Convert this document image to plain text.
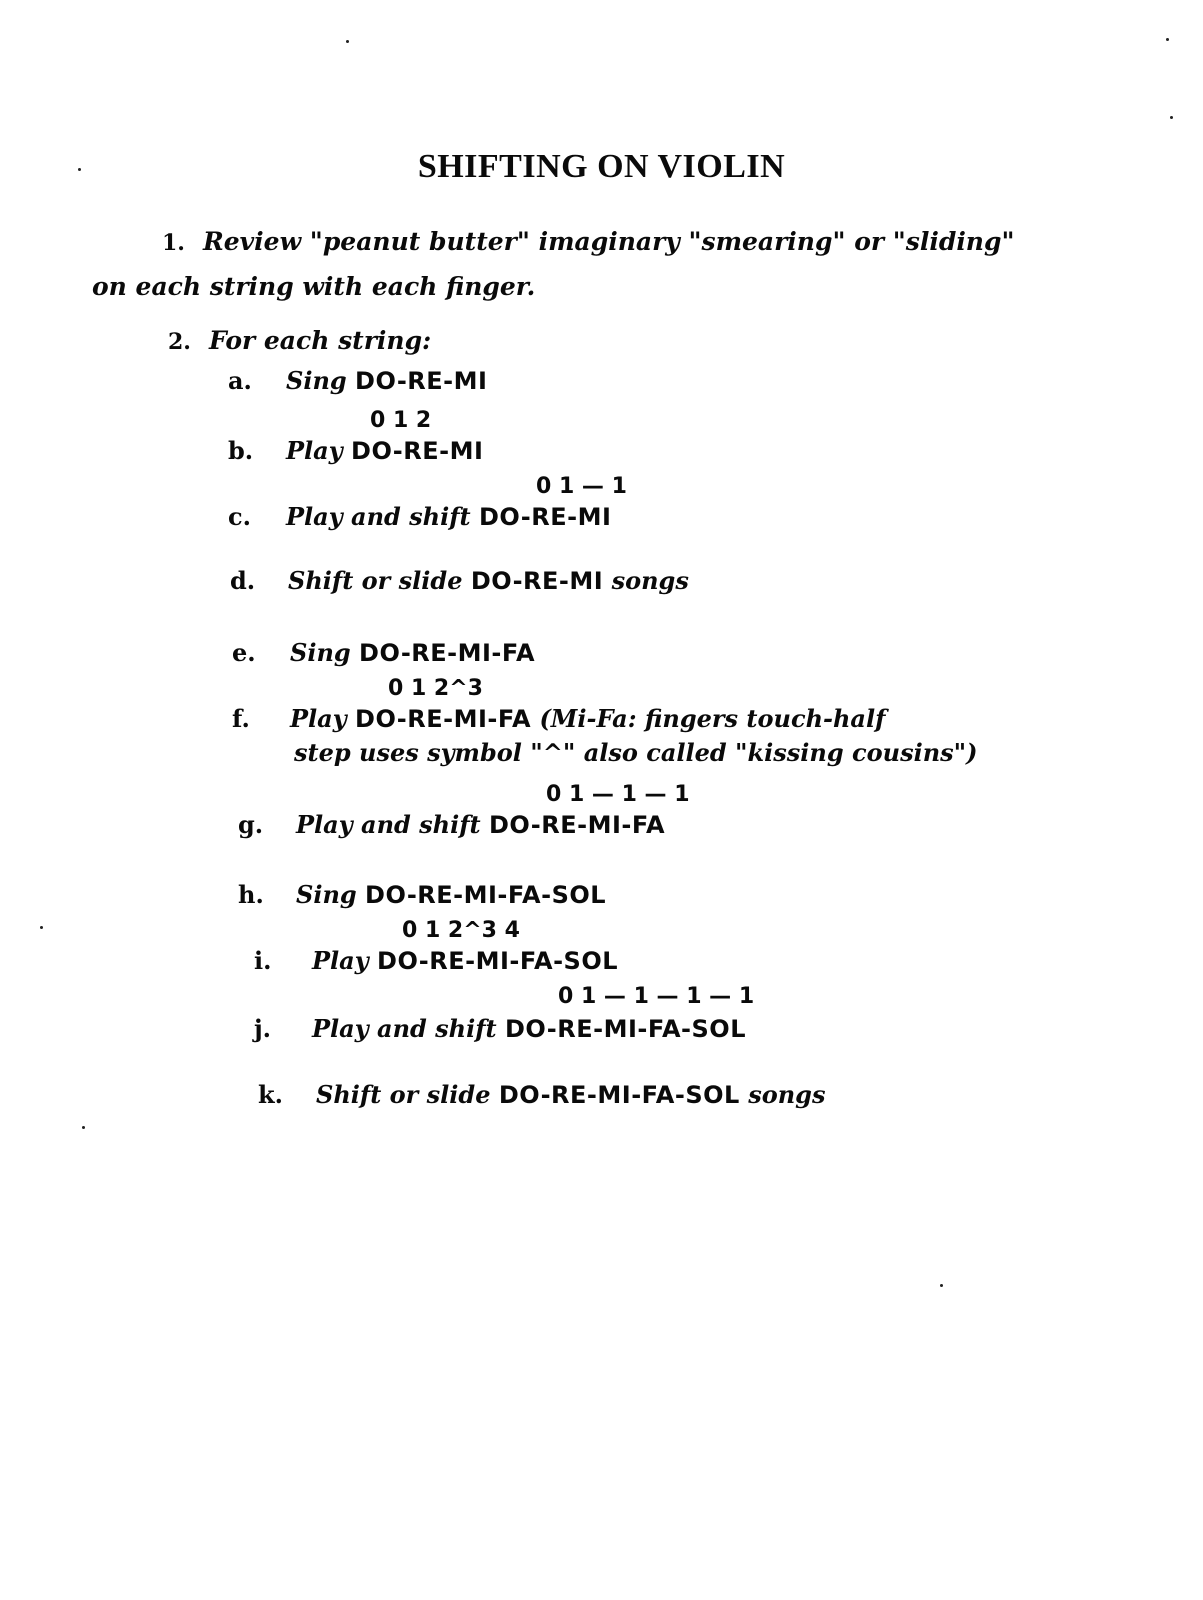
SHIFTING ON VIOLIN
1. Review "peanut butter" imaginary "smearing" or "sliding"
on each string with each finger.
2. For each string:
a. Sing DO-RE-MI
0 1 2
b. Play DO-RE-MI
0 1 — 1
c. Play and shift DO-RE-MI
d. Shift or slide DO-RE-MI songs
e. Sing DO-RE-MI-FA
0 1 2^3
f. Play DO-RE-MI-FA (Mi-Fa: fingers touch-half
step uses symbol "^" also called "kissing cousins")
0 1 — 1 — 1
g. Play and shift DO-RE-MI-FA
h. Sing DO-RE-MI-FA-SOL
0 1 2^3 4
i. Play DO-RE-MI-FA-SOL
0 1 — 1 — 1 — 1
j. Play and shift DO-RE-MI-FA-SOL
k. Shift or slide DO-RE-MI-FA-SOL songs
